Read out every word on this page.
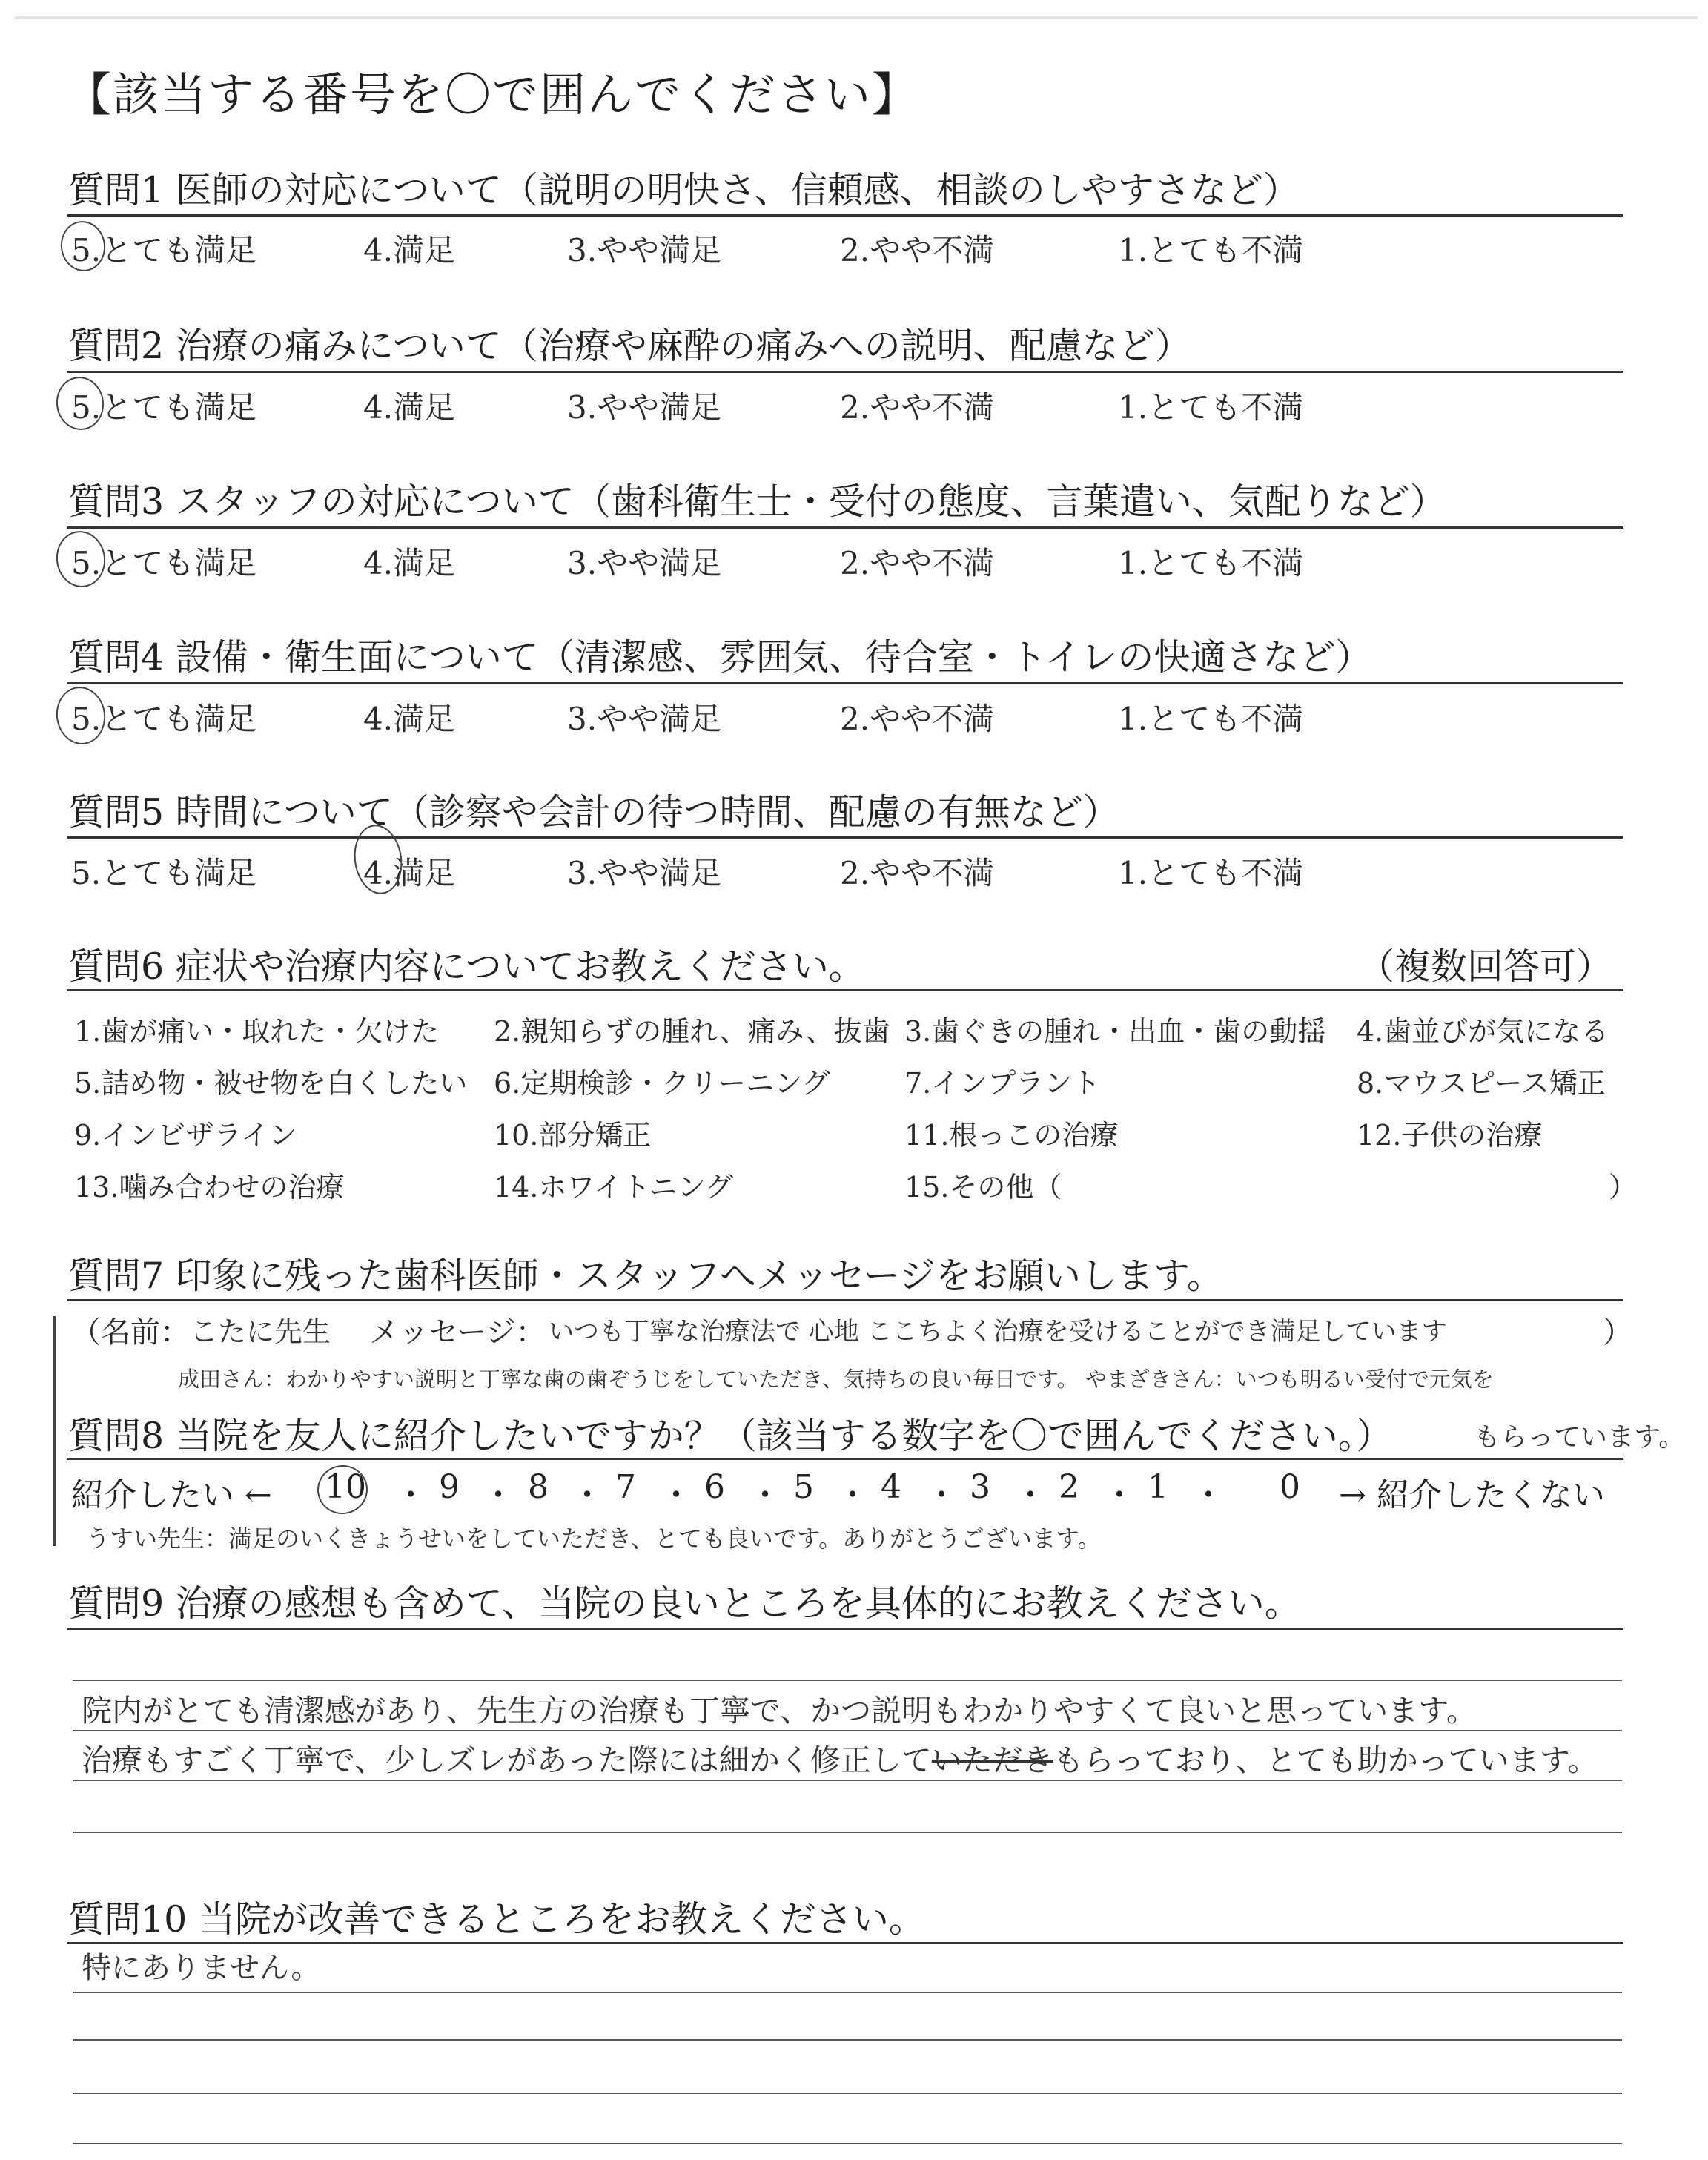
【該当する番号を〇で囲んでください】
質問1 医師の対応について（説明の明快さ、信頼感、相談のしやすさなど）
5.とても満足	4.満足	3.やや満足	2.やや不満	1.とても不満
質問2 治療の痛みについて（治療や麻酔の痛みへの説明、配慮など）
5.とても満足	4.満足	3.やや満足	2.やや不満	1.とても不満
質問3 スタッフの対応について（歯科衛生士・受付の態度、言葉遣い、気配りなど）
5.とても満足	4.満足	3.やや満足	2.やや不満	1.とても不満
質問4 設備・衛生面について（清潔感、雰囲気、待合室・トイレの快適さなど）
5.とても満足	4.満足	3.やや満足	2.やや不満	1.とても不満
質問5 時間について（診察や会計の待つ時間、配慮の有無など）
5.とても満足	4.満足	3.やや満足	2.やや不満	1.とても不満
質問6 症状や治療内容についてお教えください。	（複数回答可）
1.歯が痛い・取れた・欠けた 2.親知らずの腫れ、痛み、抜歯 3.歯ぐきの腫れ・出血・歯の動揺 4.歯並びが気になる
5.詰め物・被せ物を白くしたい 6.定期検診・クリーニング	7.インプラント	8.マウスピース矯正
9.インビザライン	10.部分矯正	11.根っこの治療	12.子供の治療
13.噛み合わせの治療	14.ホワイトニング	15.その他（	）
質問7 印象に残った歯科医師・スタッフへメッセージをお願いします。
（名前： こたに先生 メッセージ： いつも丁寧な治療法で 心地 ここちよく治療を受けることができ満足しています	）
成田さん：わかりやすい説明と丁寧な歯の歯ぞうじをしていただき、気持ちの良い毎日です。 やまざきさん：いつも明るい受付で元気を
質問8 当院を友人に紹介したいですか？（該当する数字を〇で囲んでください。）	もらっています。
紹介したい ← 10 ・ 9 ・ 8 ・ 7 ・ 6 ・ 5 ・ 4 ・ 3 ・ 2 ・ 1 ・ 0 → 紹介したくない
うすい先生：満足のいくきょうせいをしていただき、とても良いです。ありがとうございます。
質問9 治療の感想も含めて、当院の良いところを具体的にお教えください。
院内がとても清潔感があり、先生方の治療も丁寧で、かつ説明もわかりやすくて良いと思っています。
治療もすごく丁寧で、少しズレがあった際には細かく修正していただきもらっており、とても助かっています。
質問10 当院が改善できるところをお教えください。
特にありません。
